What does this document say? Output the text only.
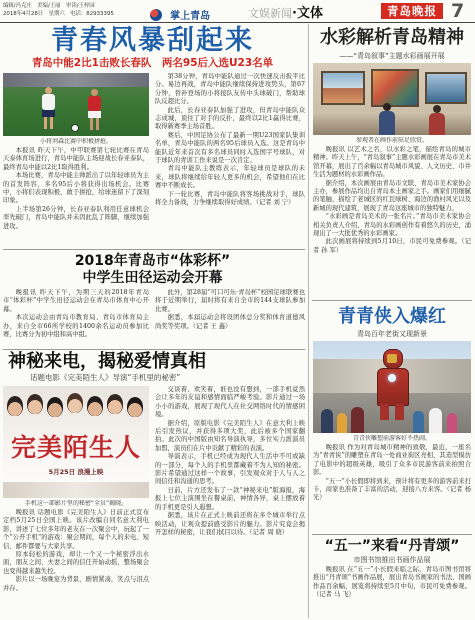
编辑/冯克庄　美编/王丽　审读/王梓园
2018年4月28日　星期六　电话：82933395	掌上青岛	文娱新闻·文体	青岛晚报 7
青春风暴刮起来
青岛中能2比1击败长春队　两名95后入选U23名单
小将刘森比赛中积极拼抢。

本报讯 昨天下午，中甲联赛第七轮比赛在青岛天泰体育场进行，青岛中能队主场迎战长春亚泰队，最终青岛中能以2比1取得胜利。

本场比赛，青岛中能主帅派出了以年轻球员为主的首发阵容，多名95后小将获得出场机会。比赛中，小将们表现积极，敢于拼抢，给球迷留下了深刻印象。

上半场第26分钟，长春亚泰队利用任意球机会率先破门，青岛中能队并未因此乱了阵脚，继续加强进攻。

第38分钟，青岛中能队通过一次快速反击扳平比分。易边再战，青岛中能队继续保持进攻势头，第67分钟，替补登场的小将接队友传中头球破门，帮助球队反超比分。

此后，长春亚泰队加强了进攻，但青岛中能队众志成城，顶住了对手的反扑，最终以2比1赢得比赛，取得新赛季主场首胜。

赛后，中国足协公布了最新一期U23国家队集训名单，青岛中能队的两名95后球员入选。这是青岛中能队近年来首次有多名球员同时入选国字号球队，对于球队的青训工作来说是一次肯定。

青岛中能队主教练表示，年轻球员是球队的未来，球队将继续给年轻人更多的机会，希望他们在比赛中不断成长。

下一轮比赛，青岛中能队将客场挑战对手，球队将全力备战，力争继续取得好成绩。（记者 刘 宁）

2018年青岛市“体彩杯”
中学生田径运动会开幕

晚报讯 昨天下午，为期三天的2018年青岛市“体彩杯”中学生田径运动会在青岛市体育中心开幕。

本次运动会由青岛市教育局、青岛市体育局主办，来自全市66所学校的1400余名运动员参加比赛，比赛分为初中组和高中组。

此外，第28届“可口可乐·青岛杯”校园足球联赛也将于近期举行，届时将有来自全市的144支球队参加比赛。

据悉，本届运动会将设团体总分奖和体育道德风尚奖等奖项。（记者 王 鑫）

神秘来电，揭秘爱情真相
话题电影《完美陌生人》导演“手机里的秘密”
完美陌生人
5月25日 浪漫上映
手机这一部影片里的秘密“全员”揭晓。

晚报讯 话题电影《完美陌生人》日前正式宣布定档5月25日全国上映。该片改编自同名意大利电影，讲述了七位多年的老友在一次聚会中，玩起了一个“公开手机”的游戏：聚会期间，每个人的来电、短信、邮件都要与大家共享。

原本轻松的游戏，却让一个又一个秘密浮出水面，朋友之间、夫妻之间的信任开始动摇，整场聚会也变得越来越失控。

影片以一场晚宴为背景，剧情紧凑，笑点与泪点并存。

交谈着、欢笑着，谁也没有想到，一部手机竟然会让多年的友谊和感情面临严峻考验。影片通过一场小小的游戏，展现了现代人在社交网络时代的情感困境。

据介绍，原版电影《完美陌生人》在意大利上映后引发热议，并获得多项大奖，此后被多个国家翻拍。此次的中国版由知名导演执导，多位实力派演员加盟，演员们在片中贡献了精彩的表演。

导演表示，手机已经成为现代人生活中不可或缺的一部分，每个人的手机里都藏着不为人知的秘密。影片希望通过这样一个故事，引发观众对于人与人之间信任和沟通的思考。

日前，片方还发布了一款“神秘来电”版海报，海报上七位主演围坐在餐桌前，神情各异，桌上摆放着的手机更是引人遐想。

据悉，该片在正式上映前还将在多个城市举行点映活动，让观众提前感受影片的魅力。影片究竟会揭开怎样的秘密，让我们拭目以待。（记者 周 晓）

水彩解析青岛精神
——“青岛叙事”主题水彩画展开展
参观者在画作前驻足欣赏。

晚报讯 以艺术之名，以水彩之笔，描绘青岛的城市精神。昨天上午，“青岛叙事”主题水彩画展在青岛市美术馆开幕，展出了百余幅以青岛城市风貌、人文历史、市井生活为题材的水彩画作品。

据介绍，本次画展由青岛市文联、青岛市美术家协会主办，参展作品均出自青岛本土画家之手。画家们用细腻的笔触，描绘了老城区的红瓦绿树、海边的渔村风光以及新城的现代建筑，展现了青岛这座城市的独特魅力。

“水彩画是青岛美术的一张名片。”青岛市美术家协会相关负责人介绍，青岛的水彩画创作有着悠久的历史，涌现出了一大批优秀的水彩画家。

此次画展将持续到5月10日，市民可免费参观。（记者 孙 军）

青青侠入爆红
青岛百年老街又现新景
青青侠雕塑前游客好不热闹。

晚报讯 作为对青岛城市精神的致敬，最近，一座名为“青青侠”的雕塑在青岛一处商业街区亮相，其造型模仿了电影中的超级英雄，吸引了众多市民游客前来拍照合影。

“五一”小长假即将到来，预计将有更多的游客前来打卡，商家也准备了丰富的活动，迎接八方来客。（记者 杨 光）

“五一”来看“丹青颂”
市图书馆推出书画作品展

晚报讯 在“五一”小长假来临之际，青岛市图书馆将推出“丹青颂”书画作品展，展出青岛书画家的书法、国画作品百余幅，展览将持续至5月中旬，市民可免费参观。（记者 马 飞）
